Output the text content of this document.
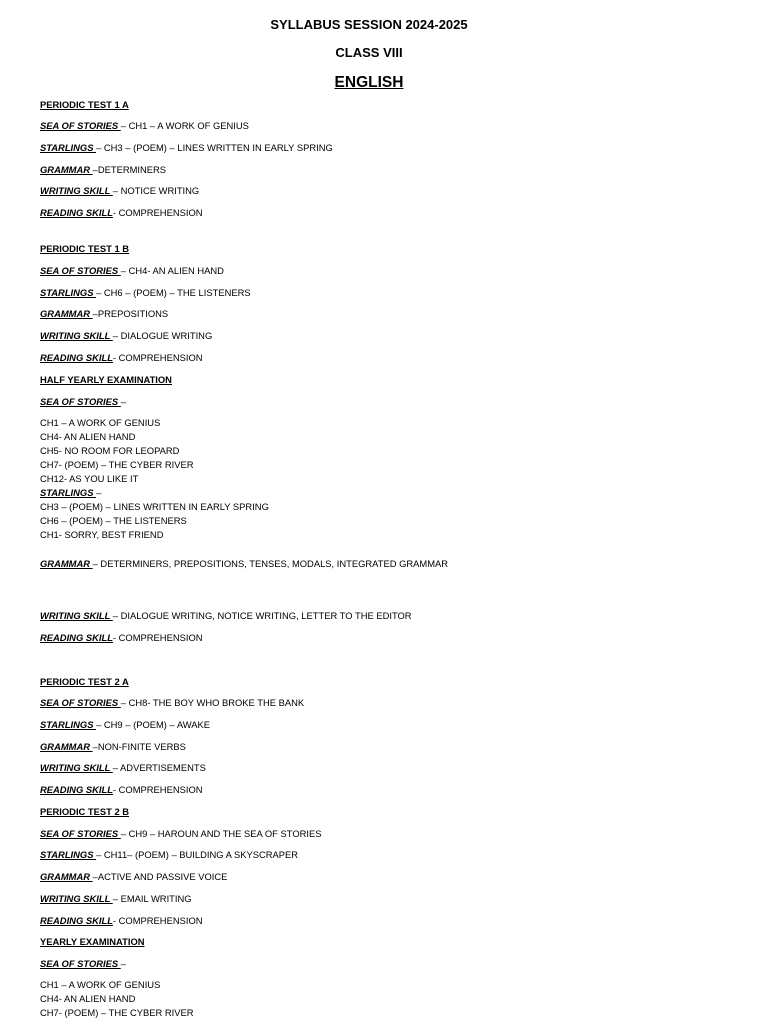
SYLLABUS SESSION 2024-2025
CLASS VIII
ENGLISH
PERIODIC TEST 1 A
SEA OF STORIES – CH1 – A WORK OF GENIUS
STARLINGS – CH3 – (POEM) – LINES WRITTEN IN EARLY SPRING
GRAMMAR –DETERMINERS
WRITING SKILL – NOTICE WRITING
READING SKILL- COMPREHENSION
PERIODIC TEST 1 B
SEA OF STORIES – CH4- AN ALIEN HAND
STARLINGS – CH6 – (POEM) – THE LISTENERS
GRAMMAR –PREPOSITIONS
WRITING SKILL – DIALOGUE WRITING
READING SKILL- COMPREHENSION
HALF YEARLY EXAMINATION
SEA OF STORIES –
CH1 – A WORK OF GENIUS
CH4- AN ALIEN HAND
CH5- NO ROOM FOR LEOPARD
CH7- (POEM) – THE CYBER RIVER
CH12- AS YOU LIKE IT
STARLINGS –
CH3 – (POEM) – LINES WRITTEN IN EARLY SPRING
CH6 – (POEM) – THE LISTENERS
CH1- SORRY, BEST FRIEND
GRAMMAR – DETERMINERS, PREPOSITIONS, TENSES, MODALS, INTEGRATED GRAMMAR
WRITING SKILL – DIALOGUE WRITING, NOTICE WRITING, LETTER TO THE EDITOR
READING SKILL- COMPREHENSION
PERIODIC TEST 2 A
SEA OF STORIES – CH8- THE BOY WHO BROKE THE BANK
STARLINGS – CH9 – (POEM) – AWAKE
GRAMMAR –NON-FINITE VERBS
WRITING SKILL – ADVERTISEMENTS
READING SKILL- COMPREHENSION
PERIODIC TEST 2 B
SEA OF STORIES – CH9 – HAROUN AND THE SEA OF STORIES
STARLINGS – CH11– (POEM) – BUILDING A SKYSCRAPER
GRAMMAR –ACTIVE AND PASSIVE VOICE
WRITING SKILL – EMAIL WRITING
READING SKILL- COMPREHENSION
YEARLY EXAMINATION
SEA OF STORIES –
CH1 – A WORK OF GENIUS
CH4- AN ALIEN HAND
CH7- (POEM) – THE CYBER RIVER
